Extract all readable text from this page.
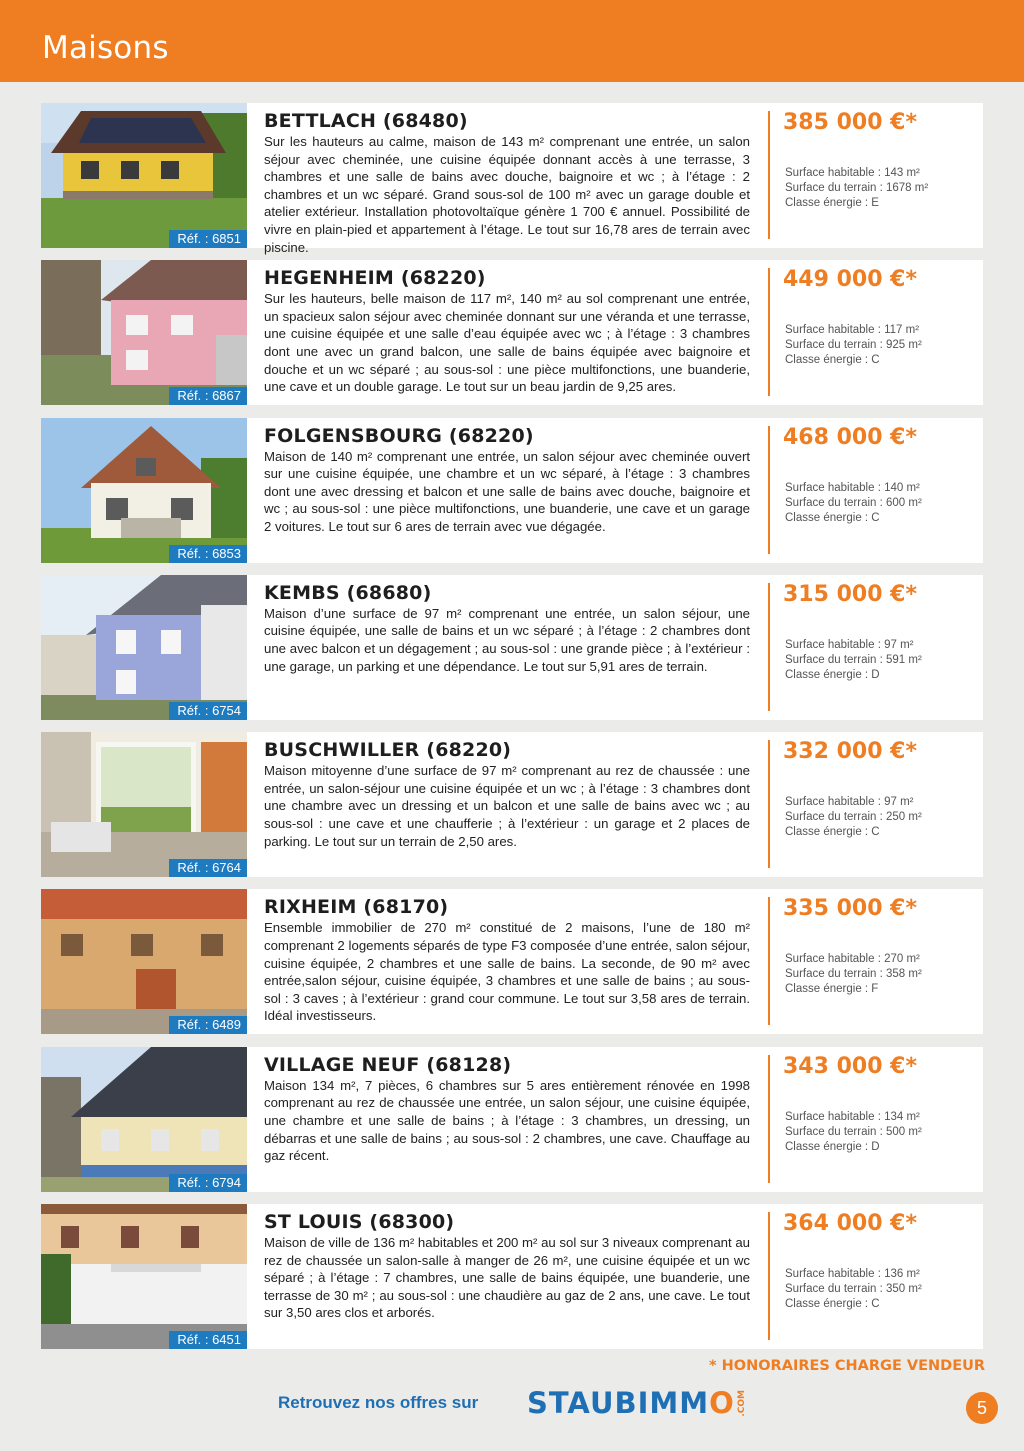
Maisons
Réf. : 6851
BETTLACH (68480)
Sur les hauteurs au calme, maison de 143 m² comprenant une entrée, un salon séjour avec cheminée, une cuisine équipée donnant accès à une terrasse, 3 chambres et une salle de bains avec douche, baignoire et wc ; à l’étage : 2 chambres et un wc séparé. Grand sous-sol de 100 m² avec un garage double et atelier extérieur. Installation photovoltaïque génère 1 700 € annuel. Possibilité de vivre en plain-pied et appartement à l’étage. Le tout sur 16,78 ares de terrain avec piscine.
385 000 €*
Surface habitable : 143 m²
Surface du terrain : 1678 m²
Classe énergie : E
Réf. : 6867
HEGENHEIM (68220)
Sur les hauteurs, belle maison de 117 m², 140 m² au sol comprenant une entrée, un spacieux salon séjour avec cheminée donnant sur une véranda et une terrasse, une cuisine équipée et une salle d’eau équipée avec wc ; à l’étage : 3 chambres dont une avec un grand balcon, une salle de bains équipée avec baignoire et douche et un wc séparé ; au sous-sol : une pièce multifonctions, une buanderie, une cave et un double garage. Le tout sur un beau jardin de 9,25 ares.
449 000 €*
Surface habitable : 117 m²
Surface du terrain : 925 m²
Classe énergie : C
Réf. : 6853
FOLGENSBOURG (68220)
Maison de 140 m² comprenant une entrée, un salon séjour avec cheminée ouvert sur une cuisine équipée, une chambre et un wc séparé, à l’étage : 3 chambres dont une avec dressing et balcon et une salle de bains avec douche, baignoire et wc ; au sous-sol : une pièce multifonctions, une buanderie, une cave et un garage 2 voitures. Le tout sur 6 ares de terrain avec vue dégagée.
468 000 €*
Surface habitable : 140 m²
Surface du terrain : 600 m²
Classe énergie : C
Réf. : 6754
KEMBS (68680)
Maison d’une surface de 97 m² comprenant une entrée, un salon séjour, une cuisine équipée, une salle de bains et un wc séparé ; à l’étage : 2 chambres dont une avec balcon et un dégagement ; au sous-sol : une grande pièce ; à l’extérieur : une garage, un parking et une dépendance. Le tout sur 5,91 ares de terrain.
315 000 €*
Surface habitable : 97 m²
Surface du terrain : 591 m²
Classe énergie : D
Réf. : 6764
BUSCHWILLER (68220)
Maison mitoyenne d’une surface de 97 m² comprenant au rez de chaussée : une entrée, un salon-séjour une cuisine équipée et un wc ; à l’étage : 3 chambres dont une chambre avec un dressing et un balcon et une salle de bains avec wc ; au sous-sol : une cave et une chaufferie ; à l’extérieur : un garage et 2 places de parking. Le tout sur un terrain de 2,50 ares.
332 000 €*
Surface habitable : 97 m²
Surface du terrain : 250 m²
Classe énergie : C
Réf. : 6489
RIXHEIM (68170)
Ensemble immobilier de 270 m² constitué de 2 maisons, l’une de 180 m² comprenant 2 logements séparés de type F3 composée d’une entrée, salon séjour, cuisine équipée, 2 chambres et une salle de bains. La seconde, de 90 m² avec entrée,salon séjour, cuisine équipée, 3 chambres et une salle de bains ; au sous-sol : 3 caves ; à l’extérieur : grand cour commune. Le tout sur 3,58 ares de terrain. Idéal investisseurs.
335 000 €*
Surface habitable : 270 m²
Surface du terrain : 358 m²
Classe énergie : F
Réf. : 6794
VILLAGE NEUF (68128)
Maison 134 m², 7 pièces, 6 chambres sur 5 ares entièrement rénovée en 1998 comprenant au rez de chaussée une entrée, un salon séjour, une cuisine équipée, une chambre et une salle de bains ; à l’étage : 3 chambres, un dressing, un débarras et une salle de bains ; au sous-sol : 2 chambres, une cave. Chauffage au gaz récent.
343 000 €*
Surface habitable : 134 m²
Surface du terrain : 500 m²
Classe énergie : D
Réf. : 6451
ST LOUIS (68300)
Maison de ville de 136 m² habitables et 200 m² au sol sur 3 niveaux comprenant au rez de chaussée un salon-salle à manger de 26 m², une cuisine équipée et un wc séparé ; à l’étage : 7 chambres, une salle de bains équipée, une buanderie, une terrasse de 30 m² ; au sous-sol : une chaudière au gaz de 2 ans, une cave. Le tout sur 3,50 ares clos et arborés.
364 000 €*
Surface habitable : 136 m²
Surface du terrain : 350 m²
Classe énergie : C
* HONORAIRES CHARGE VENDEUR
Retrouvez nos offres sur STAUBIMMO .COM	5
